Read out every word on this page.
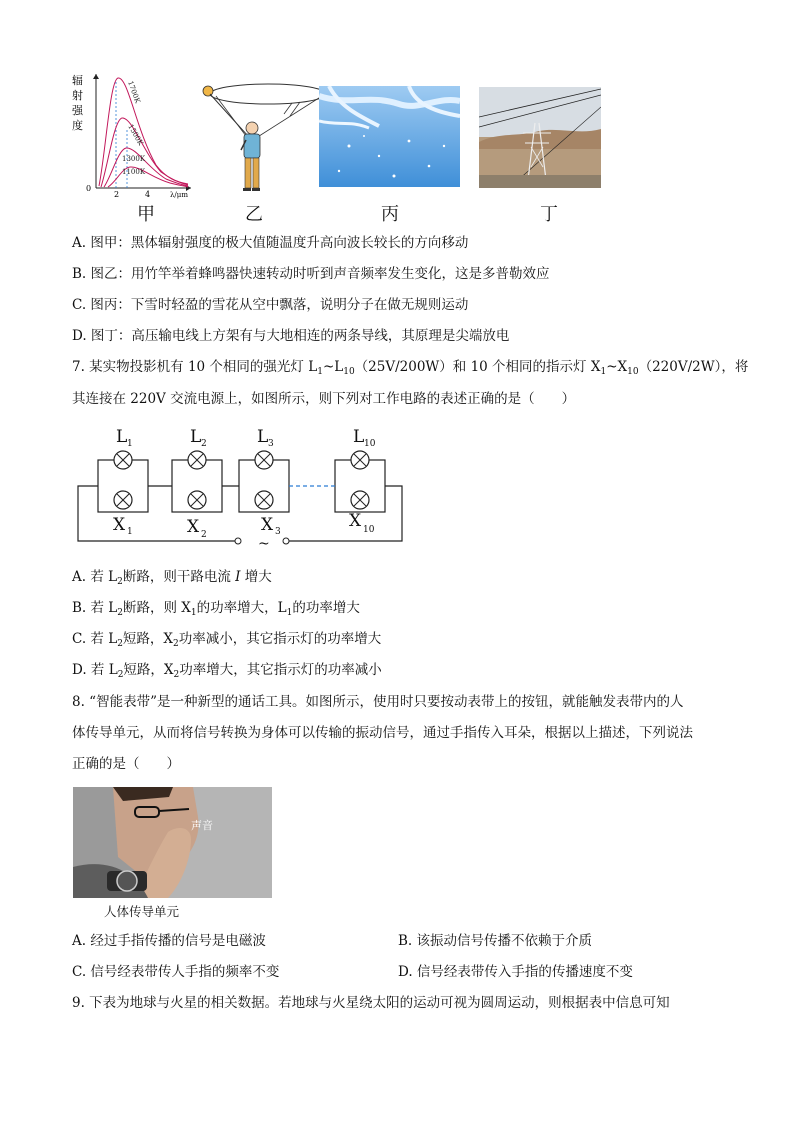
1700K
1500K
1300K
1100K
0
2	4	λ/μm
辐
射
强
度
甲	乙	丙	丁
A. 图甲：黑体辐射强度的极大值随温度升高向波长较长的方向移动
B. 图乙：用竹竿举着蜂鸣器快速转动时听到声音频率发生变化，这是多普勒效应
C. 图丙：下雪时轻盈的雪花从空中飘落，说明分子在做无规则运动
D. 图丁：高压输电线上方架有与大地相连的两条导线，其原理是尖端放电
7. 某实物投影机有 10 个相同的强光灯 $L_1\sim L_{10}(25V/200W)$和 10 个相同的指示灯 $X_1\sim X_{10}(220V/2W)$，将
其连接在 220V 交流电源上，如图所示，则下列对工作电路的表述正确的是（　　）
L 1	L 2	L 3	L 10
X 1	X 2	X 3
X 10
~
A. 若 $L_2$断路，则干路电流 I 增大
B. 若 $L_2$断路，则 $X_1$的功率增大，$L_1$的功率增大
C. 若 $L_2$短路，$X_2$功率减小，其它指示灯的功率增大
D. 若 $L_2$短路，$X_2$功率增大，其它指示灯的功率减小
8. “智能表带”是一种新型的通话工具。如图所示，使用时只要按动表带上的按钮，就能触发表带内的人
体传导单元，从而将信号转换为身体可以传输的振动信号，通过手指传入耳朵，根据以上描述，下列说法
正确的是（　　）
声音
人体传导单元
A. 经过手指传播的信号是电磁波	B. 该振动信号传播不依赖于介质
C. 信号经表带传人手指的频率不变	D. 信号经表带传入手指的传播速度不变
9. 下表为地球与火星的相关数据。若地球与火星绕太阳的运动可视为圆周运动，则根据表中信息可知
